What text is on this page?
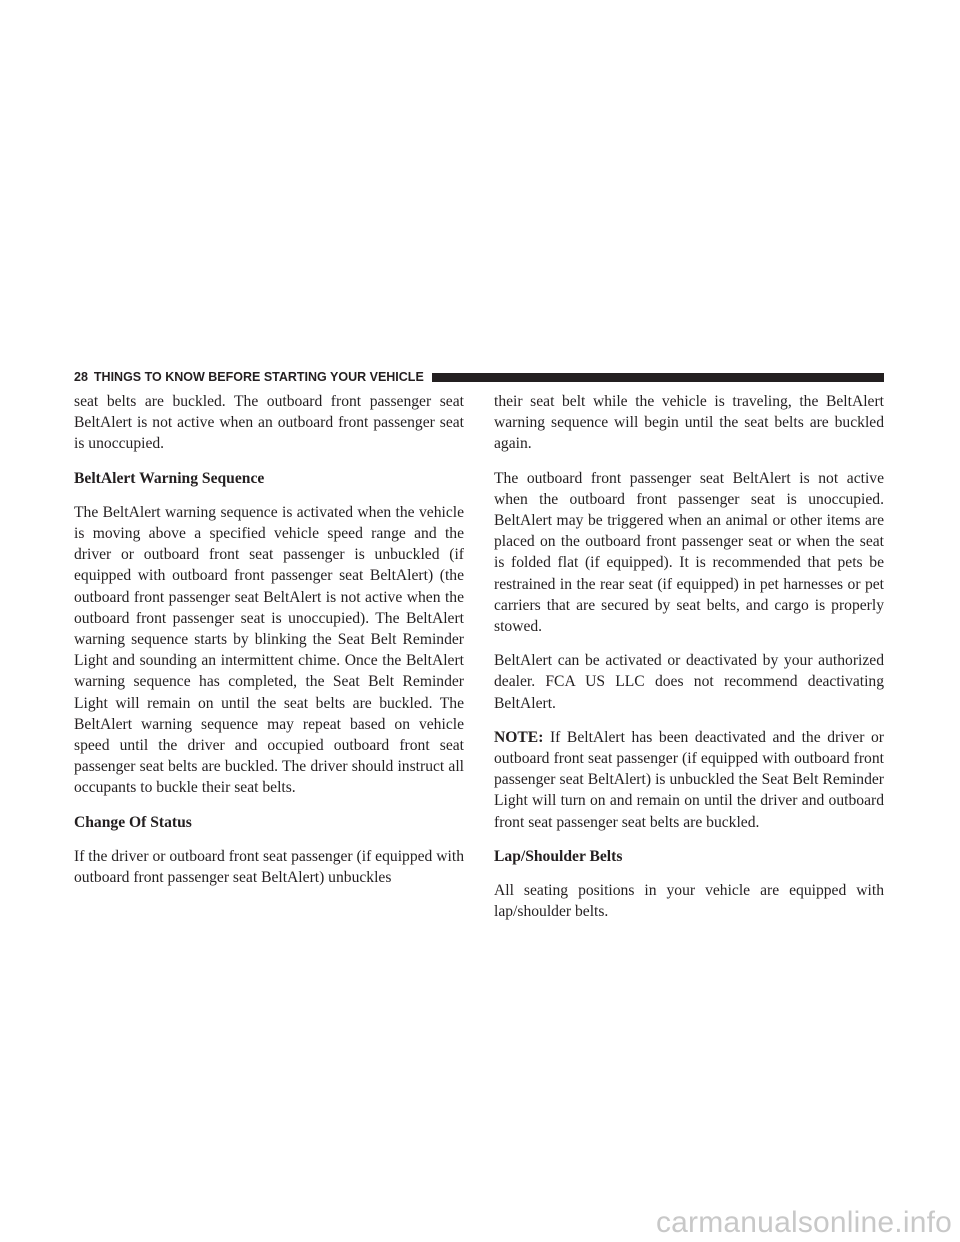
28 THINGS TO KNOW BEFORE STARTING YOUR VEHICLE

seat belts are buckled. The outboard front passenger seat BeltAlert is not active when an outboard front passenger seat is unoccupied.

BeltAlert Warning Sequence

The BeltAlert warning sequence is activated when the vehicle is moving above a specified vehicle speed range and the driver or outboard front seat passenger is unbuckled (if equipped with outboard front passenger seat BeltAlert) (the outboard front passenger seat BeltAlert is not active when the outboard front passenger seat is unoccupied). The BeltAlert warning sequence starts by blinking the Seat Belt Reminder Light and sounding an intermittent chime. Once the BeltAlert warning sequence has completed, the Seat Belt Reminder Light will remain on until the seat belts are buckled. The BeltAlert warning sequence may repeat based on vehicle speed until the driver and occupied outboard front seat passenger seat belts are buckled. The driver should instruct all occupants to buckle their seat belts.

Change Of Status

If the driver or outboard front seat passenger (if equipped with outboard front passenger seat BeltAlert) unbuckles

their seat belt while the vehicle is traveling, the BeltAlert warning sequence will begin until the seat belts are buckled again.

The outboard front passenger seat BeltAlert is not active when the outboard front passenger seat is unoccupied. BeltAlert may be triggered when an animal or other items are placed on the outboard front passenger seat or when the seat is folded flat (if equipped). It is recommended that pets be restrained in the rear seat (if equipped) in pet harnesses or pet carriers that are secured by seat belts, and cargo is properly stowed.

BeltAlert can be activated or deactivated by your authorized dealer. FCA US LLC does not recommend deactivating BeltAlert.

NOTE: If BeltAlert has been deactivated and the driver or outboard front seat passenger (if equipped with outboard front passenger seat BeltAlert) is unbuckled the Seat Belt Reminder Light will turn on and remain on until the driver and outboard front seat passenger seat belts are buckled.

Lap/Shoulder Belts

All seating positions in your vehicle are equipped with lap/shoulder belts.

carmanualsonline.info
